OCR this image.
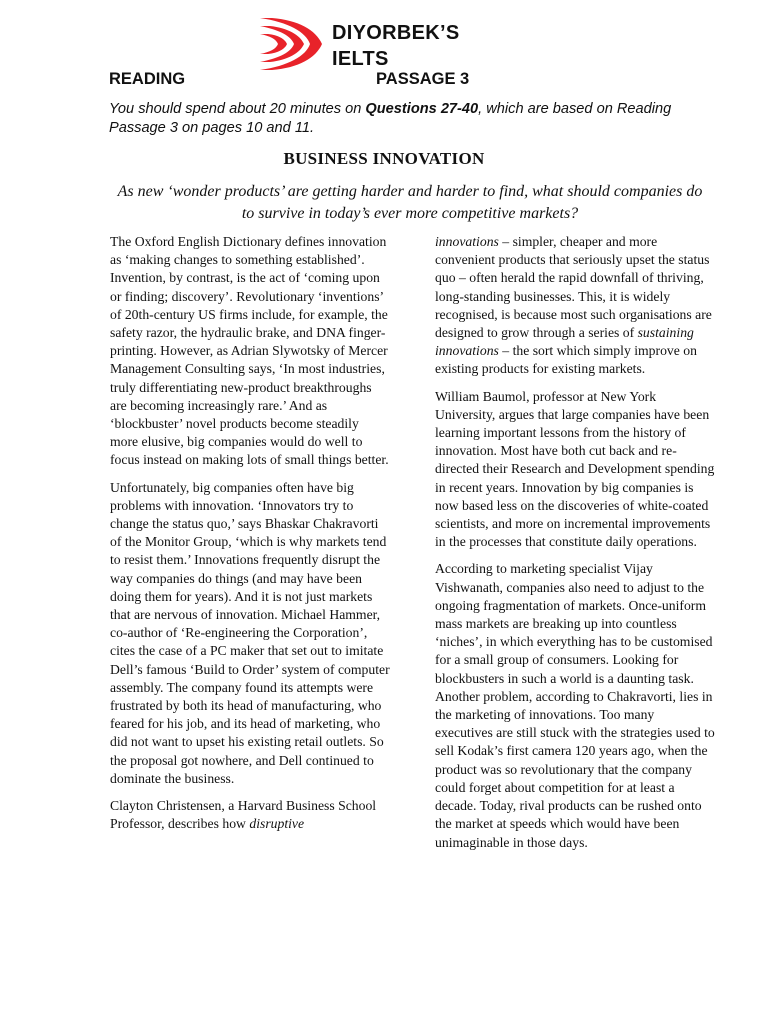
DIYORBEK’S
IELTS
READING	PASSAGE 3
You should spend about 20 minutes on Questions 27-40, which are based on Reading Passage 3 on pages 10 and 11.
BUSINESS INNOVATION
As new ‘wonder products’ are getting harder and harder to find, what should companies do to survive in today’s ever more competitive markets?

The Oxford English Dictionary defines innovation as ‘making changes to something established’. Invention, by contrast, is the act of ‘coming upon or finding; discovery’. Revolutionary ‘inventions’ of 20th-century US firms include, for example, the safety razor, the hydraulic brake, and DNA finger-printing. However, as Adrian Slywotsky of Mercer Management Consulting says, ‘In most industries, truly differentiating new-product breakthroughs are becoming increasingly rare.’ And as ‘blockbuster’ novel products become steadily more elusive, big companies would do well to focus instead on making lots of small things better.

Unfortunately, big companies often have big problems with innovation. ‘Innovators try to change the status quo,’ says Bhaskar Chakravorti of the Monitor Group, ‘which is why markets tend to resist them.’ Innovations frequently disrupt the way companies do things (and may have been doing them for years). And it is not just markets that are nervous of innovation. Michael Hammer, co-author of ‘Re-engineering the Corporation’, cites the case of a PC maker that set out to imitate Dell’s famous ‘Build to Order’ system of computer assembly. The company found its attempts were frustrated by both its head of manufacturing, who feared for his job, and its head of marketing, who did not want to upset his existing retail outlets. So the proposal got nowhere, and Dell continued to dominate the business.

Clayton Christensen, a Harvard Business School Professor, describes how disruptive

innovations – simpler, cheaper and more convenient products that seriously upset the status quo – often herald the rapid downfall of thriving, long-standing businesses. This, it is widely recognised, is because most such organisations are designed to grow through a series of sustaining innovations – the sort which simply improve on existing products for existing markets.

William Baumol, professor at New York University, argues that large companies have been learning important lessons from the history of innovation. Most have both cut back and re-directed their Research and Development spending in recent years. Innovation by big companies is now based less on the discoveries of white-coated scientists, and more on incremental improvements in the processes that constitute daily operations.

According to marketing specialist Vijay Vishwanath, companies also need to adjust to the ongoing fragmentation of markets. Once-uniform mass markets are breaking up into countless ‘niches’, in which everything has to be customised for a small group of consumers. Looking for blockbusters in such a world is a daunting task. Another problem, according to Chakravorti, lies in the marketing of innovations. Too many executives are still stuck with the strategies used to sell Kodak’s first camera 120 years ago, when the product was so revolutionary that the company could forget about competition for at least a decade. Today, rival products can be rushed onto the market at speeds which would have been unimaginable in those days.
